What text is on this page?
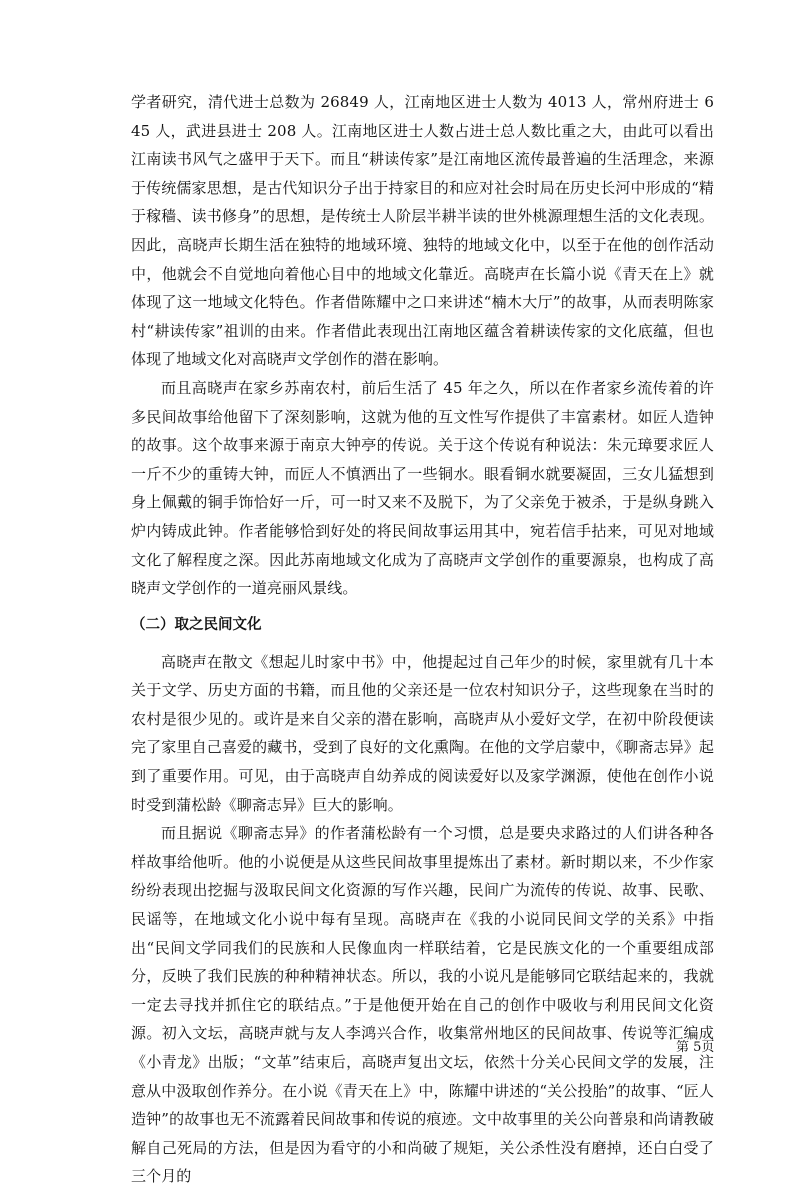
学者研究，清代进士总数为 26849 人，江南地区进士人数为 4013 人，常州府进士 645 人，武进县进士 208 人。江南地区进士人数占进士总人数比重之大，由此可以看出江南读书风气之盛甲于天下。而且“耕读传家”是江南地区流传最普遍的生活理念，来源于传统儒家思想，是古代知识分子出于持家目的和应对社会时局在历史长河中形成的“精于稼穑、读书修身”的思想，是传统士人阶层半耕半读的世外桃源理想生活的文化表现。因此，高晓声长期生活在独特的地域环境、独特的地域文化中，以至于在他的创作活动中，他就会不自觉地向着他心目中的地域文化靠近。高晓声在长篇小说《青天在上》就体现了这一地域文化特色。作者借陈耀中之口来讲述“楠木大厅”的故事，从而表明陈家村“耕读传家”祖训的由来。作者借此表现出江南地区蕴含着耕读传家的文化底蕴，但也体现了地域文化对高晓声文学创作的潜在影响。

而且高晓声在家乡苏南农村，前后生活了 45 年之久，所以在作者家乡流传着的许多民间故事给他留下了深刻影响，这就为他的互文性写作提供了丰富素材。如匠人造钟的故事。这个故事来源于南京大钟亭的传说。关于这个传说有种说法：朱元璋要求匠人一斤不少的重铸大钟，而匠人不慎洒出了一些铜水。眼看铜水就要凝固，三女儿猛想到身上佩戴的铜手饰恰好一斤，可一时又来不及脱下，为了父亲免于被杀，于是纵身跳入炉内铸成此钟。作者能够恰到好处的将民间故事运用其中，宛若信手拈来，可见对地域文化了解程度之深。因此苏南地域文化成为了高晓声文学创作的重要源泉，也构成了高晓声文学创作的一道亮丽风景线。

（二）取之民间文化

高晓声在散文《想起儿时家中书》中，他提起过自己年少的时候，家里就有几十本关于文学、历史方面的书籍，而且他的父亲还是一位农村知识分子，这些现象在当时的农村是很少见的。或许是来自父亲的潜在影响，高晓声从小爱好文学，在初中阶段便读完了家里自己喜爱的藏书，受到了良好的文化熏陶。在他的文学启蒙中，《聊斋志异》起到了重要作用。可见，由于高晓声自幼养成的阅读爱好以及家学渊源，使他在创作小说时受到蒲松龄《聊斋志异》巨大的影响。

而且据说《聊斋志异》的作者蒲松龄有一个习惯，总是要央求路过的人们讲各种各样故事给他听。他的小说便是从这些民间故事里提炼出了素材。新时期以来，不少作家纷纷表现出挖掘与汲取民间文化资源的写作兴趣，民间广为流传的传说、故事、民歌、民谣等，在地域文化小说中每有呈现。高晓声在《我的小说同民间文学的关系》中指出“民间文学同我们的民族和人民像血肉一样联结着，它是民族文化的一个重要组成部分，反映了我们民族的种种精神状态。所以，我的小说凡是能够同它联结起来的，我就一定去寻找并抓住它的联结点。”于是他便开始在自己的创作中吸收与利用民间文化资源。初入文坛，高晓声就与友人李鸿兴合作，收集常州地区的民间故事、传说等汇编成《小青龙》出版；“文革”结束后，高晓声复出文坛，依然十分关心民间文学的发展，注意从中汲取创作养分。在小说《青天在上》中，陈耀中讲述的“关公投胎”的故事、“匠人造钟”的故事也无不流露着民间故事和传说的痕迹。文中故事里的关公向普泉和尚请教破解自己死局的方法，但是因为看守的小和尚破了规矩，关公杀性没有磨掉，还白白受了三个月的

第 5页
